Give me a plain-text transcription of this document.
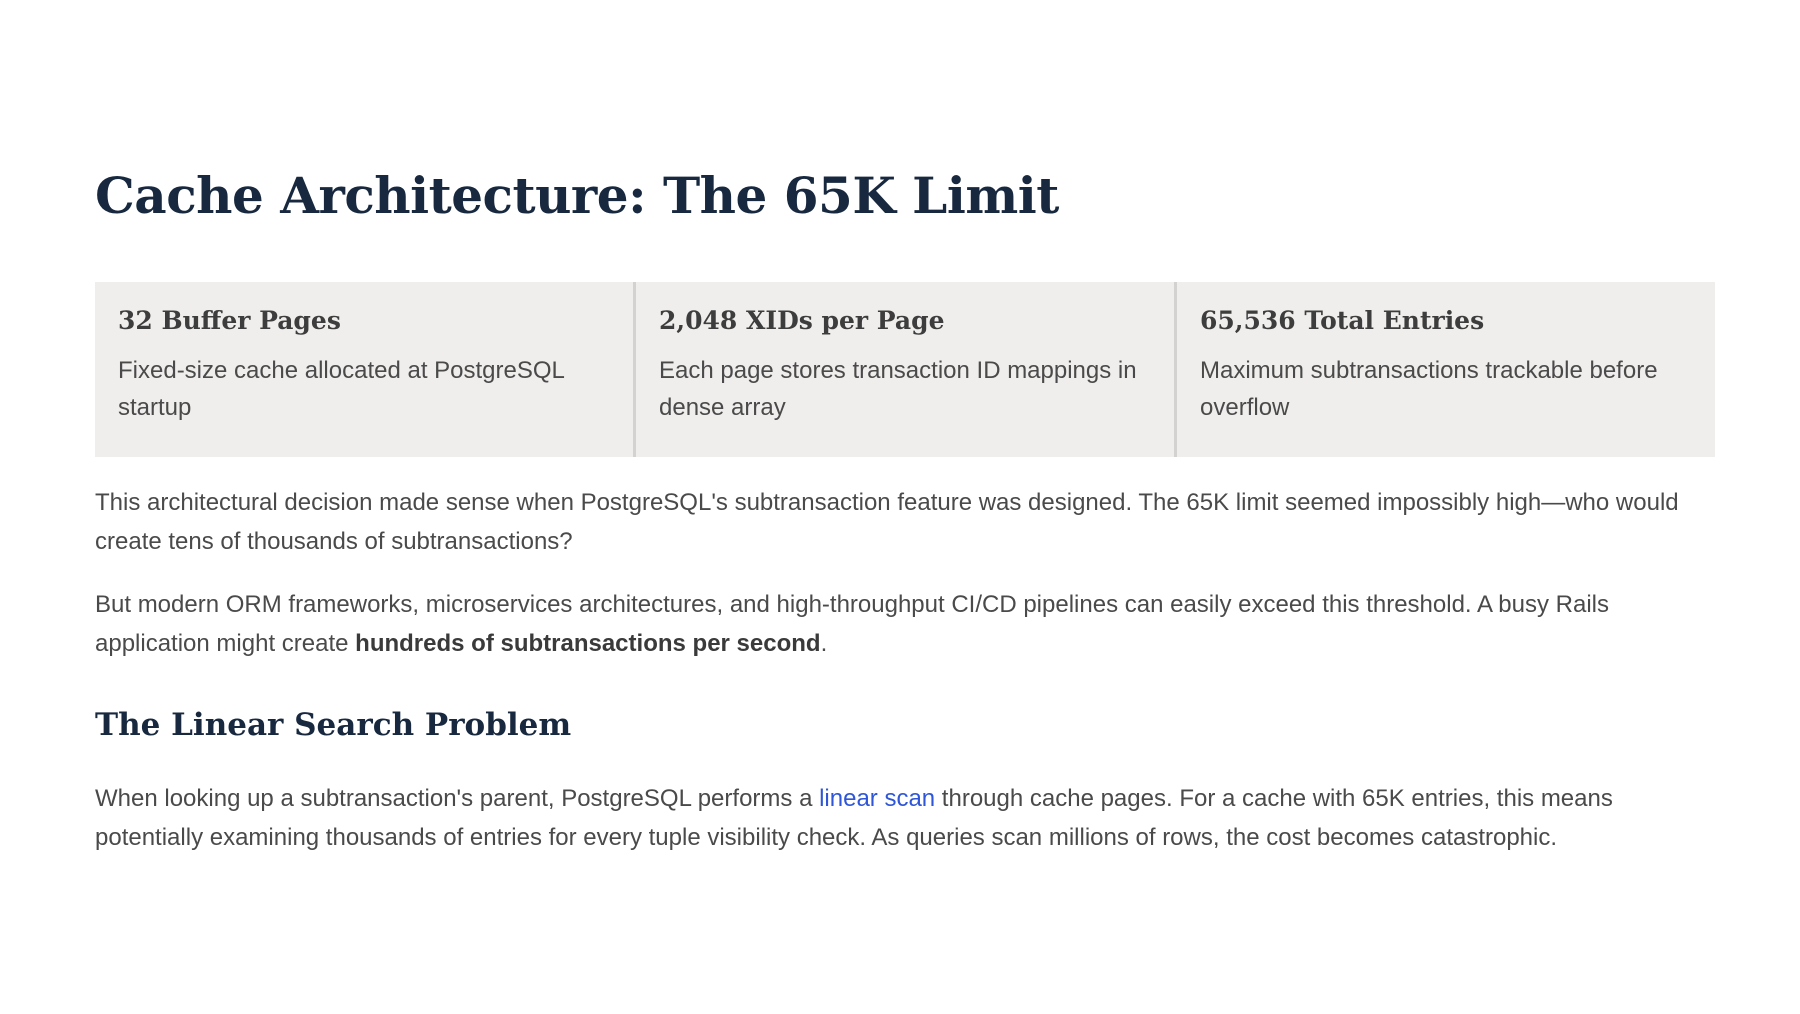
Cache Architecture: The 65K Limit
32 Buffer Pages

Fixed-size cache allocated at PostgreSQL startup

2,048 XIDs per Page

Each page stores transaction ID mappings in dense array

65,536 Total Entries

Maximum subtransactions trackable before overflow

This architectural decision made sense when PostgreSQL's subtransaction feature was designed. The 65K limit seemed impossibly high—who would create tens of thousands of subtransactions?

But modern ORM frameworks, microservices architectures, and high-throughput CI/CD pipelines can easily exceed this threshold. A busy Rails application might create hundreds of subtransactions per second.

The Linear Search Problem

When looking up a subtransaction's parent, PostgreSQL performs a linear scan through cache pages. For a cache with 65K entries, this means potentially examining thousands of entries for every tuple visibility check. As queries scan millions of rows, the cost becomes catastrophic.
